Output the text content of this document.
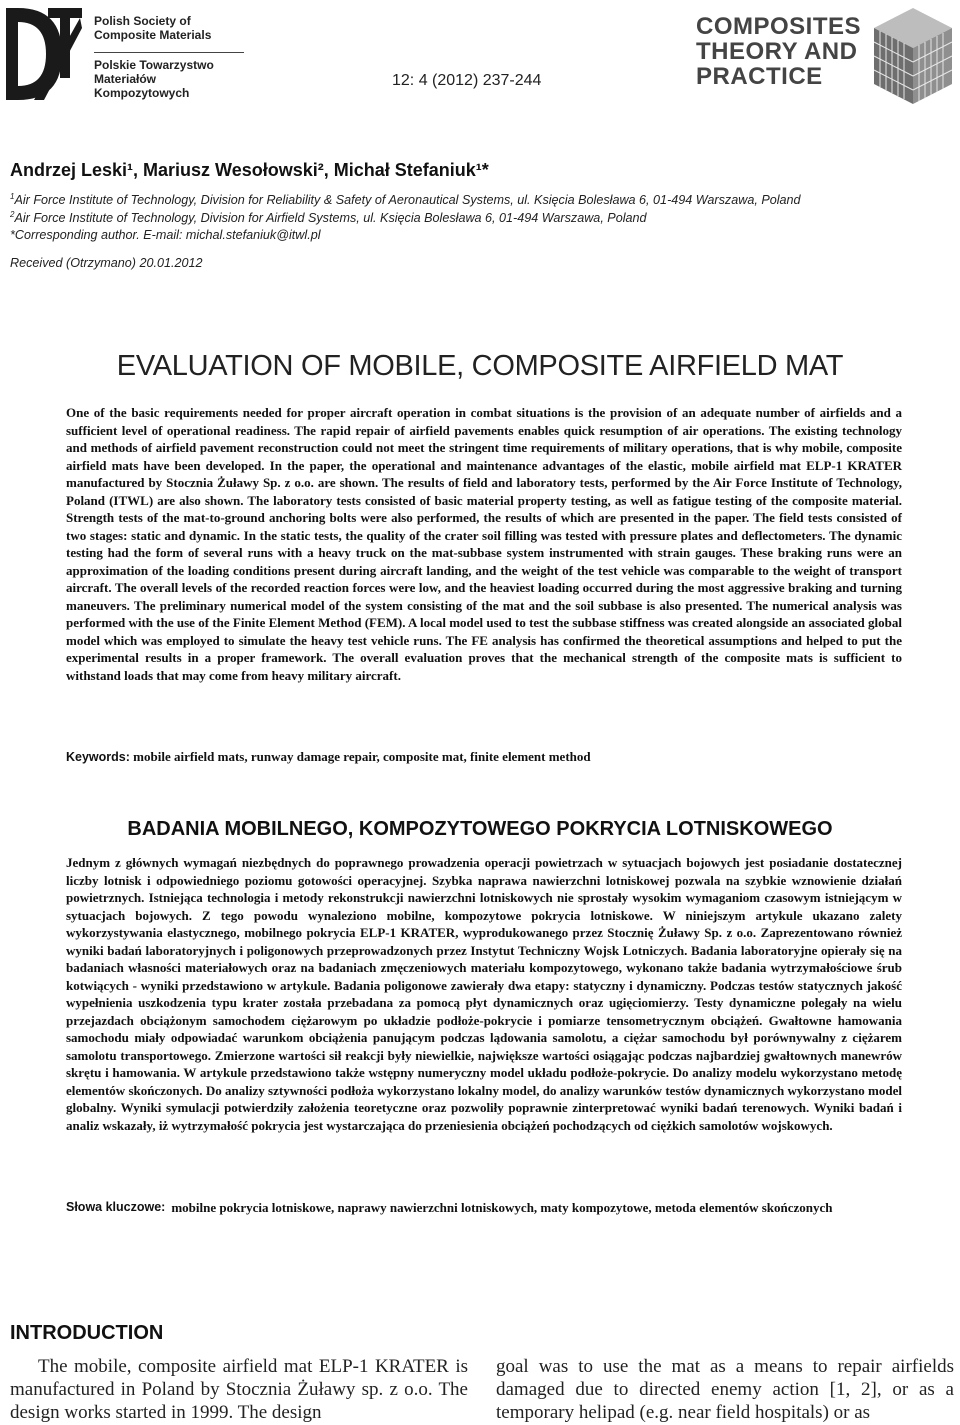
Polish Society of
Composite Materials
Polskie Towarzystwo
Materiałów Kompozytowych
12: 4 (2012) 237-244
COMPOSITES
THEORY AND
PRACTICE
Andrzej Leski¹, Mariusz Wesołowski², Michał Stefaniuk¹*
$^1$Air Force Institute of Technology, Division for Reliability & Safety of Aeronautical Systems, ul. Księcia Bolesława 6, 01-494 Warszawa, Poland
$^2$Air Force Institute of Technology, Division for Airfield Systems, ul. Księcia Bolesława 6, 01-494 Warszawa, Poland
*Corresponding author. E-mail: michal.stefaniuk@itwl.pl
Received (Otrzymano) 20.01.2012
EVALUATION OF MOBILE, COMPOSITE AIRFIELD MAT
One of the basic requirements needed for proper aircraft operation in combat situations is the provision of an adequate number of airfields and a sufficient level of operational readiness. The rapid repair of airfield pavements enables quick resumption of air operations. The existing technology and methods of airfield pavement reconstruction could not meet the stringent time requirements of military operations, that is why mobile, composite airfield mats have been developed. In the paper, the operational and maintenance advantages of the elastic, mobile airfield mat ELP-1 KRATER manufactured by Stocznia Żuławy Sp. z o.o. are shown. The results of field and laboratory tests, performed by the Air Force Institute of Technology, Poland (ITWL) are also shown. The laboratory tests consisted of basic material property testing, as well as fatigue testing of the composite material. Strength tests of the mat-to-ground anchoring bolts were also performed, the results of which are presented in the paper. The field tests consisted of two stages: static and dynamic. In the static tests, the quality of the crater soil filling was tested with pressure plates and deflectometers. The dynamic testing had the form of several runs with a heavy truck on the mat-subbase system instrumented with strain gauges. These braking runs were an approximation of the loading conditions present during aircraft landing, and the weight of the test vehicle was comparable to the weight of transport aircraft. The overall levels of the recorded reaction forces were low, and the heaviest loading occurred during the most aggressive braking and turning maneuvers. The preliminary numerical model of the system consisting of the mat and the soil subbase is also presented. The numerical analysis was performed with the use of the Finite Element Method (FEM). A local model used to test the subbase stiffness was created alongside an associated global model which was employed to simulate the heavy test vehicle runs. The FE analysis has confirmed the theoretical assumptions and helped to put the experimental results in a proper framework. The overall evaluation proves that the mechanical strength of the composite mats is sufficient to withstand loads that may come from heavy military aircraft.
Keywords: mobile airfield mats, runway damage repair, composite mat, finite element method
BADANIA MOBILNEGO, KOMPOZYTOWEGO POKRYCIA LOTNISKOWEGO
Jednym z głównych wymagań niezbędnych do poprawnego prowadzenia operacji powietrzach w sytuacjach bojowych jest posiadanie dostatecznej liczby lotnisk i odpowiedniego poziomu gotowości operacyjnej. Szybka naprawa nawierzchni lotniskowej pozwala na szybkie wznowienie działań powietrznych. Istniejąca technologia i metody rekonstrukcji nawierzchni lotniskowych nie sprostały wysokim wymaganiom czasowym istniejącym w sytuacjach bojowych. Z tego powodu wynaleziono mobilne, kompozytowe pokrycia lotniskowe. W niniejszym artykule ukazano zalety wykorzystywania elastycznego, mobilnego pokrycia ELP-1 KRATER, wyprodukowanego przez Stocznię Żuławy Sp. z o.o. Zaprezentowano również wyniki badań laboratoryjnych i poligonowych przeprowadzonych przez Instytut Techniczny Wojsk Lotniczych. Badania laboratoryjne opierały się na badaniach własności materiałowych oraz na badaniach zmęczeniowych materiału kompozytowego, wykonano także badania wytrzymałościowe śrub kotwiących - wyniki przedstawiono w artykule. Badania poligonowe zawierały dwa etapy: statyczny i dynamiczny. Podczas testów statycznych jakość wypełnienia uszkodzenia typu krater została przebadana za pomocą płyt dynamicznych oraz ugięciomierzy. Testy dynamiczne polegały na wielu przejazdach obciążonym samochodem ciężarowym po układzie podłoże-pokrycie i pomiarze tensometrycznym obciążeń. Gwałtowne hamowania samochodu miały odpowiadać warunkom obciążenia panującym podczas lądowania samolotu, a ciężar samochodu był porównywalny z ciężarem samolotu transportowego. Zmierzone wartości sił reakcji były niewielkie, największe wartości osiągając podczas najbardziej gwałtownych manewrów skrętu i hamowania. W artykule przedstawiono także wstępny numeryczny model układu podłoże-pokrycie. Do analizy modelu wykorzystano metodę elementów skończonych. Do analizy sztywności podłoża wykorzystano lokalny model, do analizy warunków testów dynamicznych wykorzystano model globalny. Wyniki symulacji potwierdziły założenia teoretyczne oraz pozwoliły poprawnie zinterpretować wyniki badań terenowych. Wyniki badań i analiz wskazały, iż wytrzymałość pokrycia jest wystarczająca do przeniesienia obciążeń pochodzących od ciężkich samolotów wojskowych.
Słowa kluczowe: mobilne pokrycia lotniskowe, naprawy nawierzchni lotniskowych, maty kompozytowe, metoda elementów skończonych
INTRODUCTION
The mobile, composite airfield mat ELP-1 KRATER is manufactured in Poland by Stocznia Żuławy sp. z o.o. The design works started in 1999. The design
goal was to use the mat as a means to repair airfields damaged due to directed enemy action [1, 2], or as a temporary helipad (e.g. near field hospitals) or as
